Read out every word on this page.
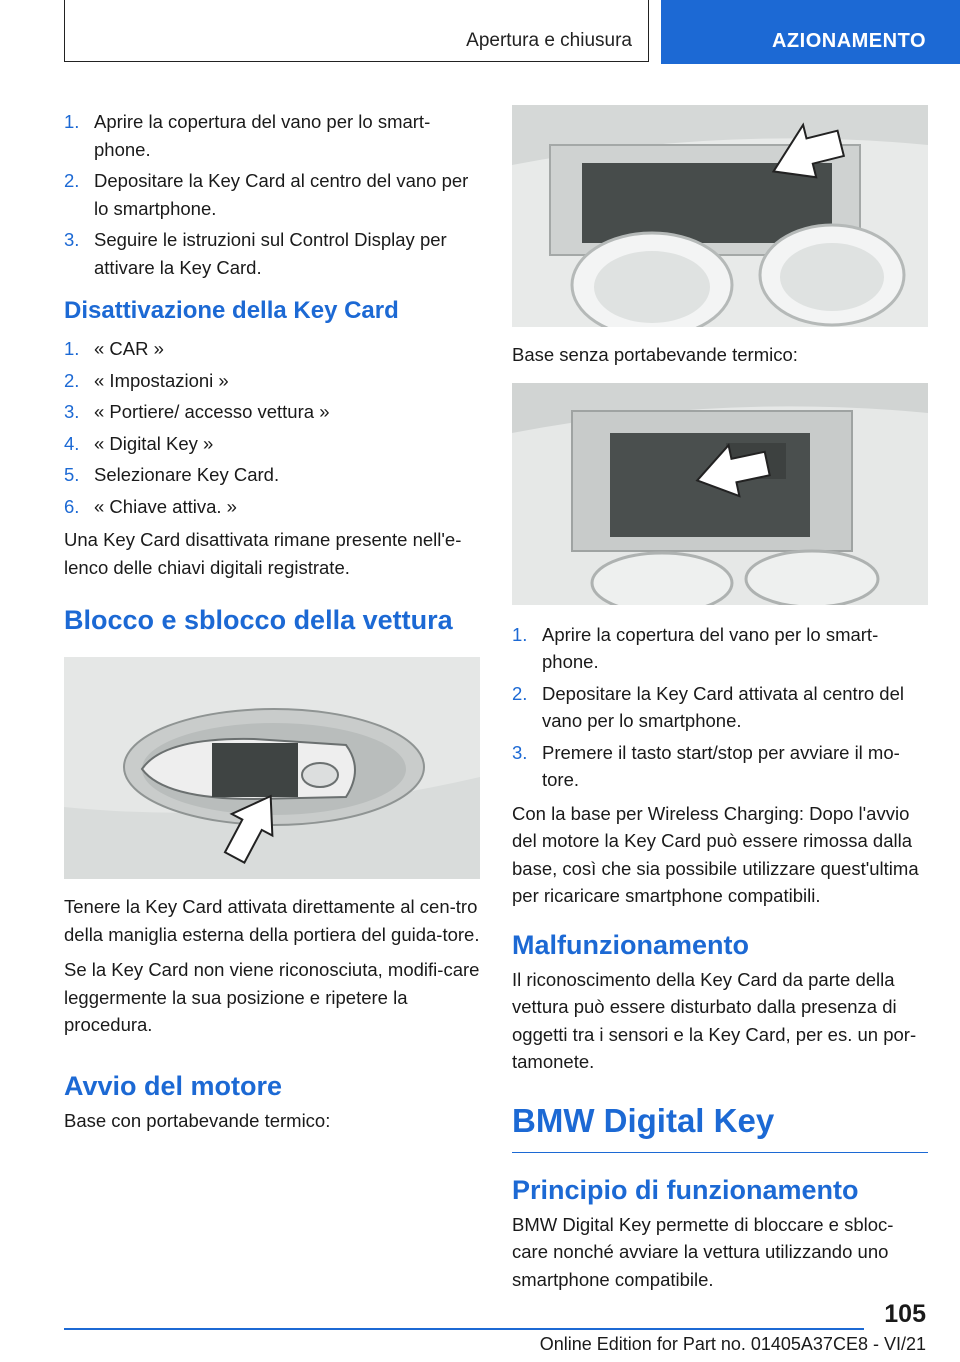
Apertura e chiusura	AZIONAMENTO
1. Aprire la copertura del vano per lo smart‐phone.
2. Depositare la Key Card al centro del vano per lo smartphone.
3. Seguire le istruzioni sul Control Display per attivare la Key Card.
Disattivazione della Key Card
1. « CAR »
2. « Impostazioni »
3. « Portiere/ accesso vettura »
4. « Digital Key »
5. Selezionare Key Card.
6. « Chiave attiva. »

Una Key Card disattivata rimane presente nell'e‐lenco delle chiavi digitali registrate.

Blocco e sblocco della vettura

Tenere la Key Card attivata direttamente al cen‐tro della maniglia esterna della portiera del guida‐tore.

Se la Key Card non viene riconosciuta, modifi‐care leggermente la sua posizione e ripetere la procedura.

Avvio del motore

Base con portabevande termico:

Base senza portabevande termico:

1. Aprire la copertura del vano per lo smart‐phone.
2. Depositare la Key Card attivata al centro del vano per lo smartphone.
3. Premere il tasto start/stop per avviare il mo‐tore.

Con la base per Wireless Charging: Dopo l'avvio del motore la Key Card può essere rimossa dalla base, così che sia possibile utilizzare quest'ultima per ricaricare smartphone compatibili.

Malfunzionamento

Il riconoscimento della Key Card da parte della vettura può essere disturbato dalla presenza di oggetti tra i sensori e la Key Card, per es. un por‐tamonete.

BMW Digital Key
Principio di funzionamento

BMW Digital Key permette di bloccare e sbloc‐care nonché avviare la vettura utilizzando uno smartphone compatibile.

105
Online Edition for Part no. 01405A37CE8 - VI/21
